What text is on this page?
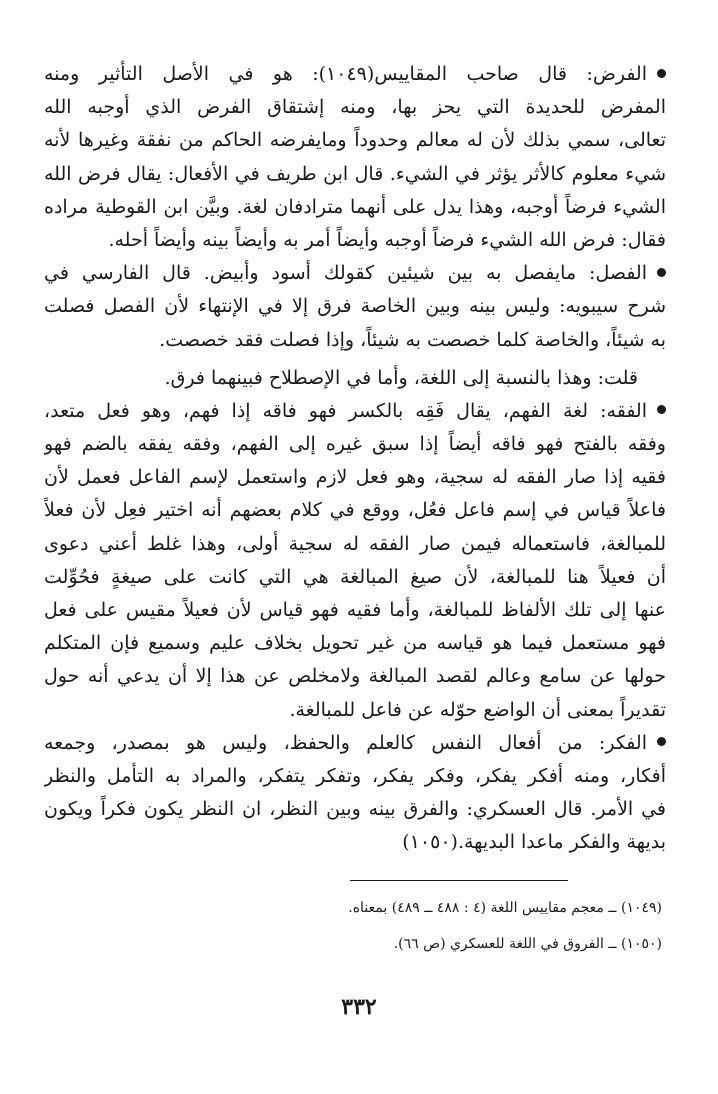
الفرض: قال صاحب المقاييس(١٠٤٩): هو في الأصل التأثير ومنه
المفرض للحديدة التي يحز بها، ومنه إشتقاق الفرض الذي أوجبه الله
تعالى، سمي بذلك لأن له معالم وحدوداً ومايفرضه الحاكم من نفقة وغيرها لأنه
شيء معلوم كالأثر يؤثر في الشيء. قال ابن طريف في الأفعال: يقال فرض الله
الشيء فرضاً أوجبه، وهذا يدل على أنهما مترادفان لغة. وبيَّن ابن القوطية مراده
فقال: فرض الله الشيء فرضاً أوجبه وأيضاً أمر به وأيضاً بينه وأيضاً أحله.
الفصل: مايفصل به بين شيئين كقولك أسود وأبيض. قال الفارسي في
شرح سيبويه: وليس بينه وبين الخاصة فرق إلا في الإنتهاء لأن الفصل فصلت
به شيئاً، والخاصة كلما خصصت به شيئاً، وإذا فصلت فقد خصصت.
قلت: وهذا بالنسبة إلى اللغة، وأما في الإصطلاح فبينهما فرق.
الفقه: لغة الفهم، يقال فَقِه بالكسر فهو فاقه إذا فهم، وهو فعل متعد،
وفقه بالفتح فهو فاقه أيضاً إذا سبق غيره إلى الفهم، وفقه يفقه بالضم فهو
فقيه إذا صار الفقه له سجية، وهو فعل لازم واستعمل لإسم الفاعل فعمل لأن
فاعلاً قياس في إسم فاعل فعُل، ووقع في كلام بعضهم أنه اختير فعِل لأن فعلاً
للمبالغة، فاستعماله فيمن صار الفقه له سجية أولى، وهذا غلط أعني دعوى
أن فعيلاً هنا للمبالغة، لأن صيغ المبالغة هي التي كانت على صيغةٍ فحُوِّلت
عنها إلى تلك الألفاظ للمبالغة، وأما فقيه فهو قياس لأن فعيلاً مقيس على فعل
فهو مستعمل فيما هو قياسه من غير تحويل بخلاف عليم وسميع فإن المتكلم
حولها عن سامع وعالم لقصد المبالغة ولامخلص عن هذا إلا أن يدعي أنه حول
تقديراً بمعنى أن الواضع حوّله عن فاعل للمبالغة.
الفكر: من أفعال النفس كالعلم والحفظ، وليس هو بمصدر، وجمعه
أفكار، ومنه أفكر يفكر، وفكر يفكر، وتفكر يتفكر، والمراد به التأمل والنظر
في الأمر. قال العسكري: والفرق بينه وبين النظر، ان النظر يكون فكراً ويكون
بديهة والفكر ماعدا البديهة.(١٠٥٠)
(١٠٤٩) ــ معجم مقاييس اللغة (٤ : ٤٨٨ ــ ٤٨٩) بمعناه.
(١٠٥٠) ــ الفروق في اللغة للعسكري (ص ٦٦).
٣٣٢
